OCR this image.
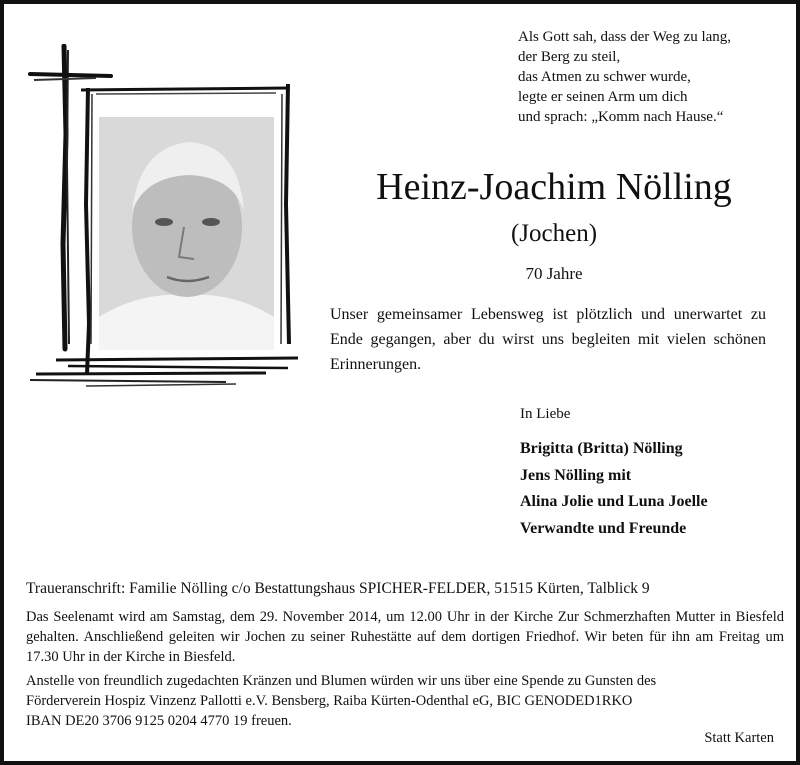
Als Gott sah, dass der Weg zu lang,
der Berg zu steil,
das Atmen zu schwer wurde,
legte er seinen Arm um dich
und sprach: „Komm nach Hause.“
Heinz-Joachim Nölling
(Jochen)
70 Jahre
Unser gemeinsamer Lebensweg ist plötzlich und unerwartet zu Ende gegangen, aber du wirst uns begleiten mit vielen schönen Erinnerungen.
In Liebe
Brigitta (Britta) Nölling
Jens Nölling mit
Alina Jolie und Luna Joelle
Verwandte und Freunde
Traueranschrift: Familie Nölling c/o Bestattungshaus SPICHER-FELDER, 51515 Kürten, Talblick 9
Das Seelenamt wird am Samstag, dem 29. November 2014, um 12.00 Uhr in der Kirche Zur Schmerzhaften Mutter in Biesfeld gehalten. Anschließend geleiten wir Jochen zu seiner Ruhestätte auf dem dortigen Friedhof. Wir beten für ihn am Freitag um 17.30 Uhr in der Kirche in Biesfeld.
Anstelle von freundlich zugedachten Kränzen und Blumen würden wir uns über eine Spende zu Gunsten des
Förderverein Hospiz Vinzenz Pallotti e.V. Bensberg, Raiba Kürten-Odenthal eG, BIC GENODED1RKO
IBAN DE20 3706 9125 0204 4770 19 freuen.
Statt Karten
